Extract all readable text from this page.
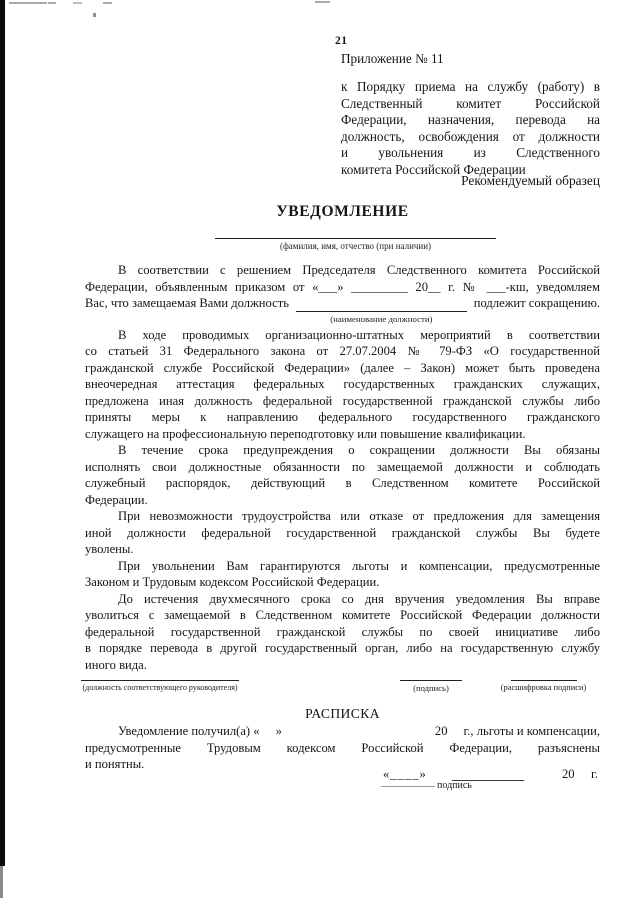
21
Приложение № 11
к Порядку приема на службу (работу) в
Следственный комитет Российской
Федерации, назначения, перевода на
должность, освобождения от должности
и увольнения из Следственного
комитета Российской Федерации
Рекомендуемый образец
УВЕДОМЛЕНИЕ
(фамилия, имя, отчество (при наличии)
В соответствии с решением Председателя Следственного комитета Российской
Федерации, объявленным приказом от «___» _________ 20__ г. № ___-кш, уведомляем
Вас, что замещаемая Вами должность
(наименование должности)
подлежит сокращению.
В ходе проводимых организационно-штатных мероприятий в соответствии
со статьей 31 Федерального закона от 27.07.2004 № 79-ФЗ «О государственной
гражданской службе Российской Федерации» (далее – Закон) может быть проведена
внеочередная аттестация федеральных государственных гражданских служащих,
предложена иная должность федеральной государственной гражданской службы либо
приняты меры к направлению федерального государственного гражданского
служащего на профессиональную переподготовку или повышение квалификации.
В течение срока предупреждения о сокращении должности Вы обязаны
исполнять свои должностные обязанности по замещаемой должности и соблюдать
служебный распорядок, действующий в Следственном комитете Российской
Федерации.
При невозможности трудоустройства или отказе от предложения для замещения
иной должности федеральной государственной гражданской службы Вы будете
уволены.
При увольнении Вам гарантируются льготы и компенсации, предусмотренные
Законом и Трудовым кодексом Российской Федерации.
До истечения двухмесячного срока со дня вручения уведомления Вы вправе
уволиться с замещаемой в Следственном комитете Российской Федерации должности
федеральной государственной гражданской службы по своей инициативе либо
в порядке перевода в другой государственный орган, либо на государственную службу
иного вида.
(должность соответствующего руководителя)	(подпись)	(расшифровка подписи)
РАСПИСКА
Уведомление получил(а) « »	20 г., льготы и компенсации,
предусмотренные Трудовым кодексом Российской Федерации, разъяснены
и понятны.
«____»	20 г.
подпись
